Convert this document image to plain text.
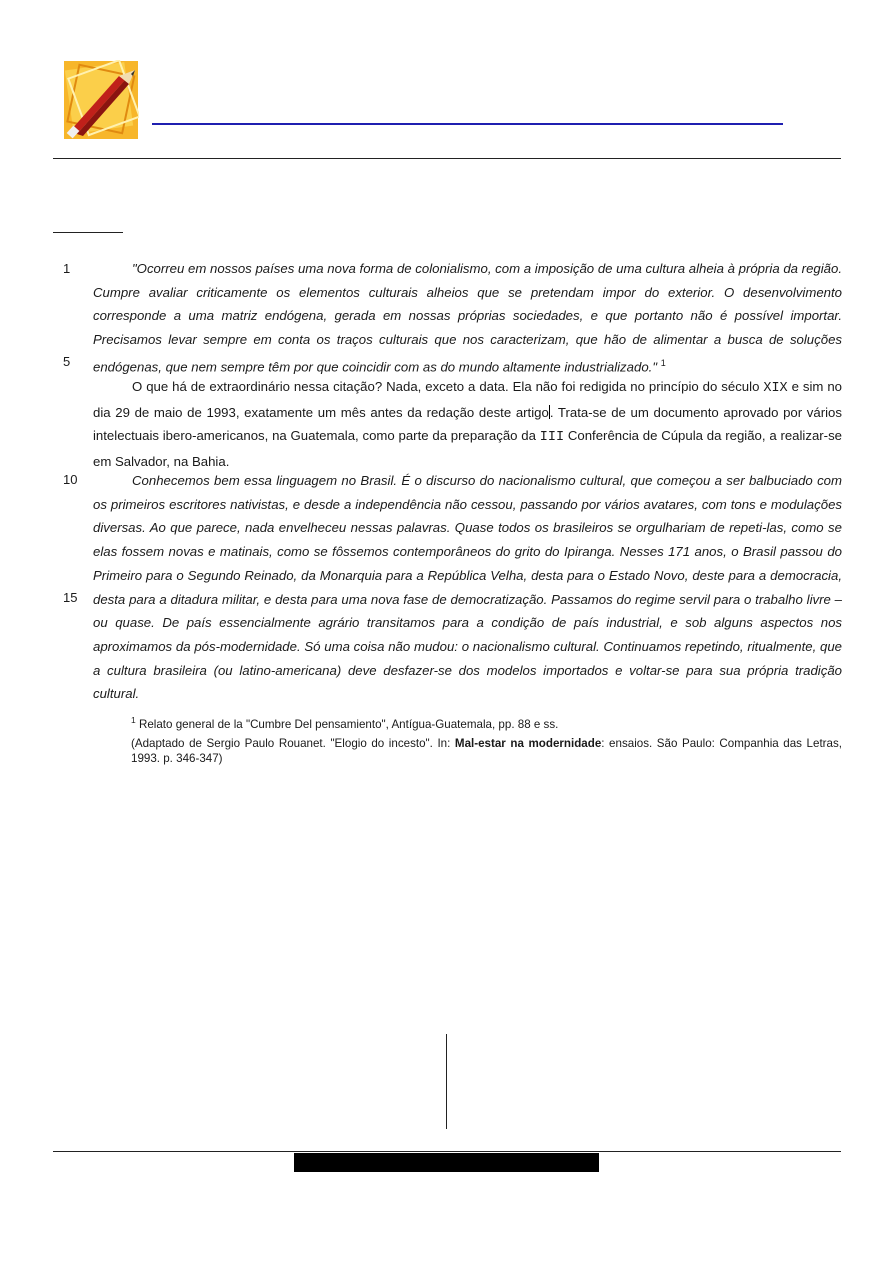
1
5
10
15

"Ocorreu em nossos países uma nova forma de colonialismo, com a imposição de uma cultura alheia à própria da região. Cumpre avaliar criticamente os elementos culturais alheios que se pretendam impor do exterior. O desenvolvimento corresponde a uma matriz endógena, gerada em nossas próprias sociedades, e que portanto não é possível importar. Precisamos levar sempre em conta os traços culturais que nos caracterizam, que hão de alimentar a busca de soluções endógenas, que nem sempre têm por que coincidir com as do mundo altamente industrializado." $^1$

O que há de extraordinário nessa citação? Nada, exceto a data. Ela não foi redigida no princípio do século XIX e sim no dia 29 de maio de 1993, exatamente um mês antes da redação deste artigo. Trata-se de um documento aprovado por vários intelectuais ibero-americanos, na Guatemala, como parte da preparação da III Conferência de Cúpula da região, a realizar-se em Salvador, na Bahia.

Conhecemos bem essa linguagem no Brasil. É o discurso do nacionalismo cultural, que começou a ser balbuciado com os primeiros escritores nativistas, e desde a independência não cessou, passando por vários avatares, com tons e modulações diversas. Ao que parece, nada envelheceu nessas palavras. Quase todos os brasileiros se orgulhariam de repeti-las, como se elas fossem novas e matinais, como se fôssemos contemporâneos do grito do Ipiranga. Nesses 171 anos, o Brasil passou do Primeiro para o Segundo Reinado, da Monarquia para a República Velha, desta para o Estado Novo, deste para a democracia, desta para a ditadura militar, e desta para uma nova fase de democratização. Passamos do regime servil para o trabalho livre – ou quase. De país essencialmente agrário transitamos para a condição de país industrial, e sob alguns aspectos nos aproximamos da pós-modernidade. Só uma coisa não mudou: o nacionalismo cultural. Continuamos repetindo, ritualmente, que a cultura brasileira (ou latino-americana) deve desfazer-se dos modelos importados e voltar-se para sua própria tradição cultural.

$^1$ Relato general de la "Cumbre Del pensamiento", Antígua-Guatemala, pp. 88 e ss.
(Adaptado de Sergio Paulo Rouanet. "Elogio do incesto". In: Mal-estar na modernidade: ensaios. São Paulo: Companhia das Letras, 1993. p. 346-347)
